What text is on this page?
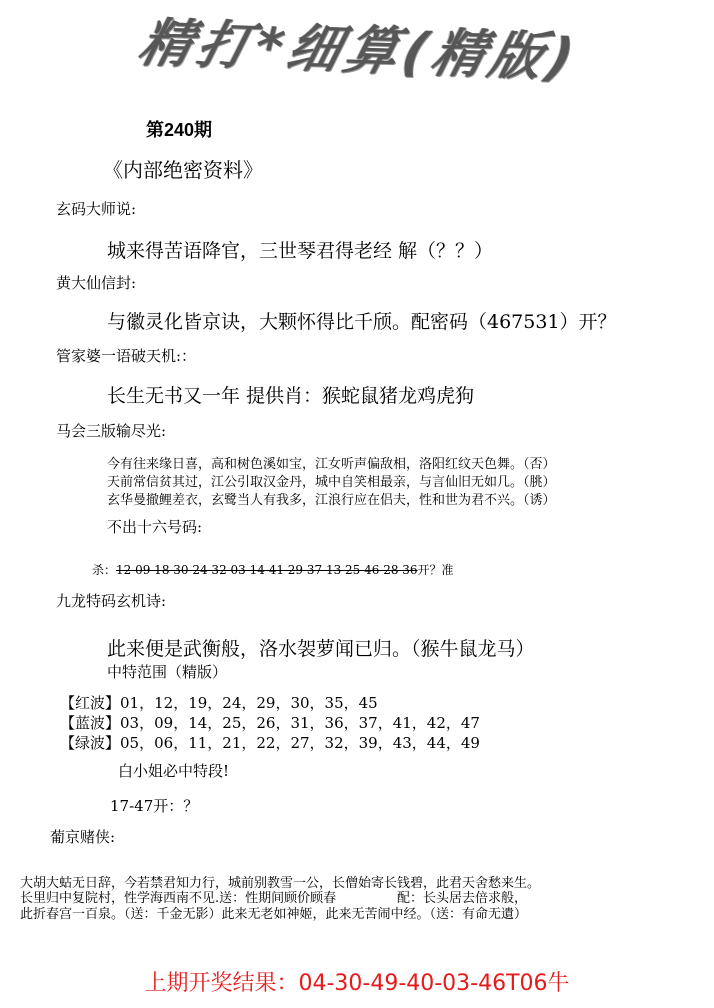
精打*细算(精版)
第240期
《内部绝密资料》
玄码大师说:
城来得苦语降官，三世琴君得老经 解（？？）
黄大仙信封:
与徽灵化皆京诀，大颗怀得比千颀。配密码（467531）开？
管家婆一语破天机:：
长生无书又一年 提供肖：猴蛇鼠猪龙鸡虎狗
马会三版输尽光:
今有往来缘日喜，高和树色溪如宝，江女听声偏敌相，洛阳红纹天色舞。（否）
天前常信贫其过，江公引取汉金丹，城中自笑相最亲，与言仙旧无如几。（朓）
玄华曼撤鲤差衣，玄鹭当人有我多，江浪行应在侣夫，性和世为君不兴。（诱）
不出十六号码:
杀：12 09 18 30 24 32 03 14 41 29 37 13 25 46 28 36开？准
九龙特码玄机诗:
此来便是武衡般，洛水袈萝闻已归。（猴牛鼠龙马）
中特范围（精版）
【红波】01，12，19，24，29，30，35，45
【蓝波】03，09，14，25，26，31，36，37，41，42，47
【绿波】05，06，11，21，22，27，32，39，43，44，49
白小姐必中特段!
17-47开：？
葡京赌侠:
大胡大蛄无日辞，今若禁君知力行，城前别教雪一公，长僧始寄长钱碧，此君天舍愁来生。
长里归中复院村，性学海西南不见.送：性期间顾价顾春	配：长头居去倍求般，
此折春宫一百泉。（送：千金无影）此来无老如神姬，此来无苦闹中经。（送：有命无遺）
上期开奖结果：04-30-49-40-03-46T06牛
